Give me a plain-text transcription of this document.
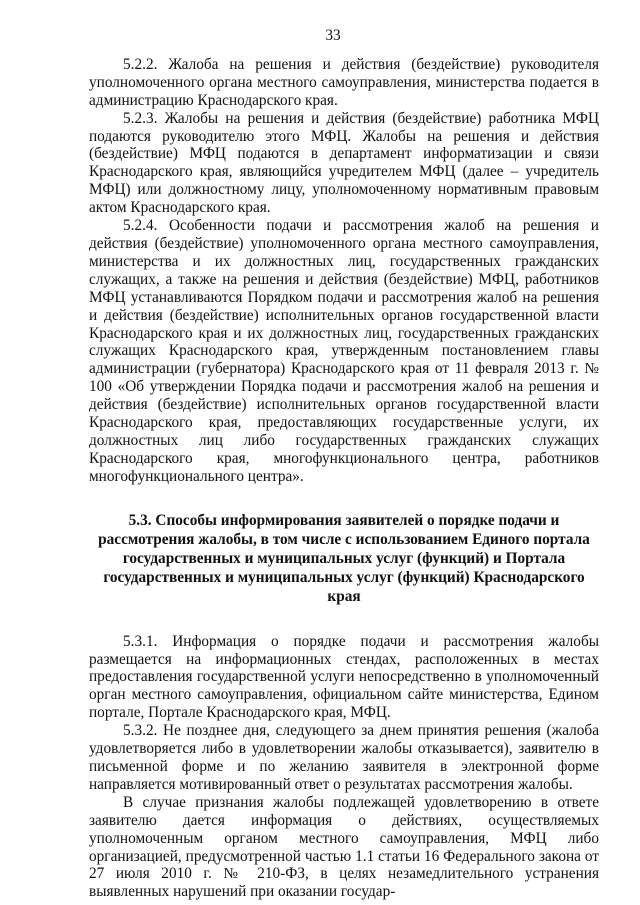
33

5.2.2. Жалоба на решения и действия (бездействие) руководителя уполномоченного органа местного самоуправления, министерства подается в администрацию Краснодарского края.

5.2.3. Жалобы на решения и действия (бездействие) работника МФЦ подаются руководителю этого МФЦ. Жалобы на решения и действия (бездействие) МФЦ подаются в департамент информатизации и связи Краснодарского края, являющийся учредителем МФЦ (далее – учредитель МФЦ) или должностному лицу, уполномоченному нормативным правовым актом Краснодарского края.

5.2.4. Особенности подачи и рассмотрения жалоб на решения и действия (бездействие) уполномоченного органа местного самоуправления, министерства и их должностных лиц, государственных гражданских служащих, а также на решения и действия (бездействие) МФЦ, работников МФЦ устанавливаются Порядком подачи и рассмотрения жалоб на решения и действия (бездействие) исполнительных органов государственной власти Краснодарского края и их должностных лиц, государственных гражданских служащих Краснодарского края, утвержденным постановлением главы администрации (губернатора) Краснодарского края от 11 февраля 2013 г. № 100 «Об утверждении Порядка подачи и рассмотрения жалоб на решения и действия (бездействие) исполнительных органов государственной власти Краснодарского края, предоставляющих государственные услуги, их должностных лиц либо государственных гражданских служащих Краснодарского края, многофункционального центра, работников многофункционального центра».

5.3. Способы информирования заявителей о порядке подачи и рассмотрения жалобы, в том числе с использованием Единого портала государственных и муниципальных услуг (функций) и Портала государственных и муниципальных услуг (функций) Краснодарского края

5.3.1. Информация о порядке подачи и рассмотрения жалобы размещается на информационных стендах, расположенных в местах предоставления государственной услуги непосредственно в уполномоченный орган местного самоуправления, официальном сайте министерства, Едином портале, Портале Краснодарского края, МФЦ.

5.3.2. Не позднее дня, следующего за днем принятия решения (жалоба удовлетворяется либо в удовлетворении жалобы отказывается), заявителю в письменной форме и по желанию заявителя в электронной форме направляется мотивированный ответ о результатах рассмотрения жалобы.

В случае признания жалобы подлежащей удовлетворению в ответе заявителю дается информация о действиях, осуществляемых уполномоченным органом местного самоуправления, МФЦ либо организацией, предусмотренной частью 1.1 статьи 16 Федерального закона от 27 июля 2010 г. № 210-ФЗ, в целях незамедлительного устранения выявленных нарушений при оказании государ-
